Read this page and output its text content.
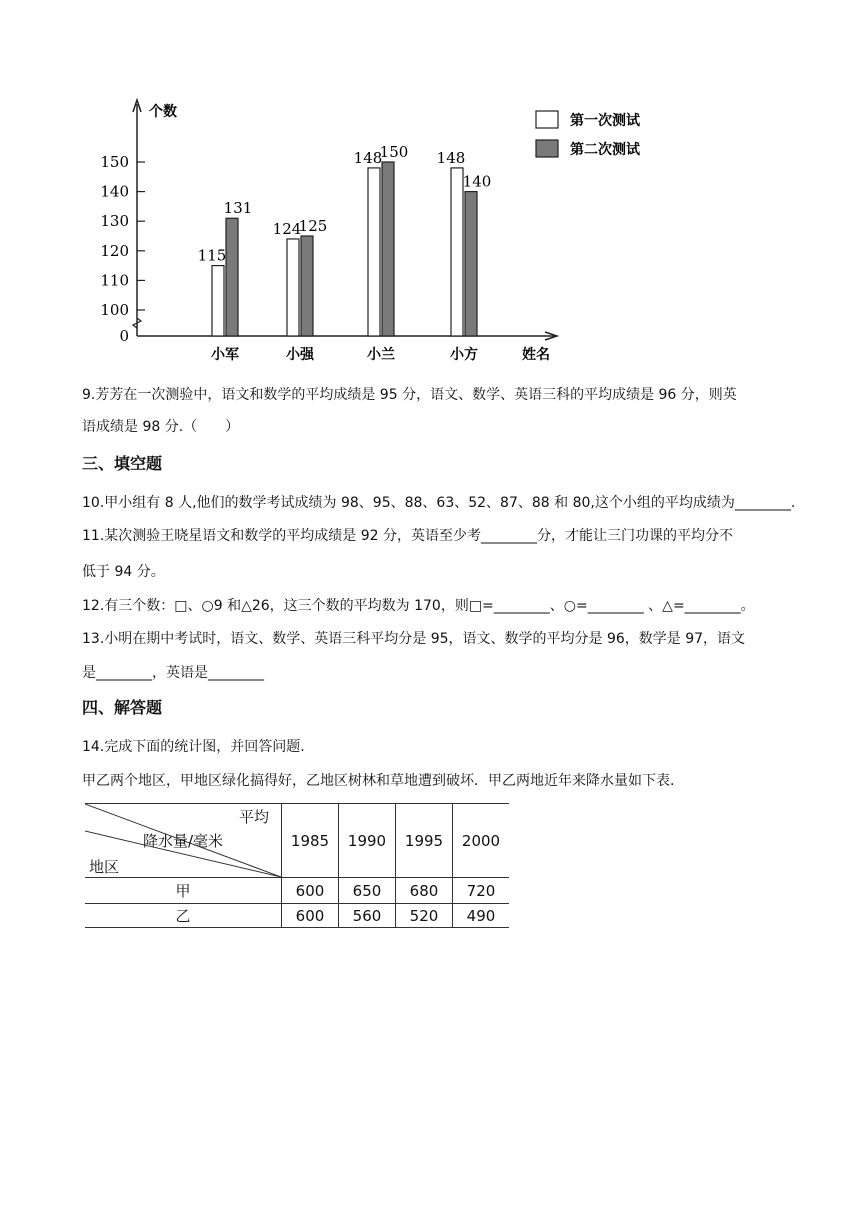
个数
姓名
0
100
110
120
130
140
150
小军
115
131
小强
124
125
小兰
148
150
小方
148
140
第一次测试
第二次测试
9.芳芳在一次测验中，语文和数学的平均成绩是 95 分，语文、数学、英语三科的平均成绩是 96 分，则英
语成绩是 98 分.（　　）
三、填空题
10.甲小组有 8 人,他们的数学考试成绩为 98、95、88、63、52、87、88 和 80,这个小组的平均成绩为________.
11.某次测验王晓星语文和数学的平均成绩是 92 分，英语至少考________分，才能让三门功课的平均分不
低于 94 分。
12.有三个数：□、○9 和△26，这三个数的平均数为 170，则□=________、○=________ 、△=________。
13.小明在期中考试时，语文、数学、英语三科平均分是 95，语文、数学的平均分是 96，数学是 97，语文
是________，英语是________
四、解答题
14.完成下面的统计图，并回答问题.
甲乙两个地区，甲地区绿化搞得好，乙地区树林和草地遭到破坏．甲乙两地近年来降水量如下表.
平均
降水量/毫米
地区	1985	1990	1995	2000
甲	600	650	680	720
乙	600	560	520	490
